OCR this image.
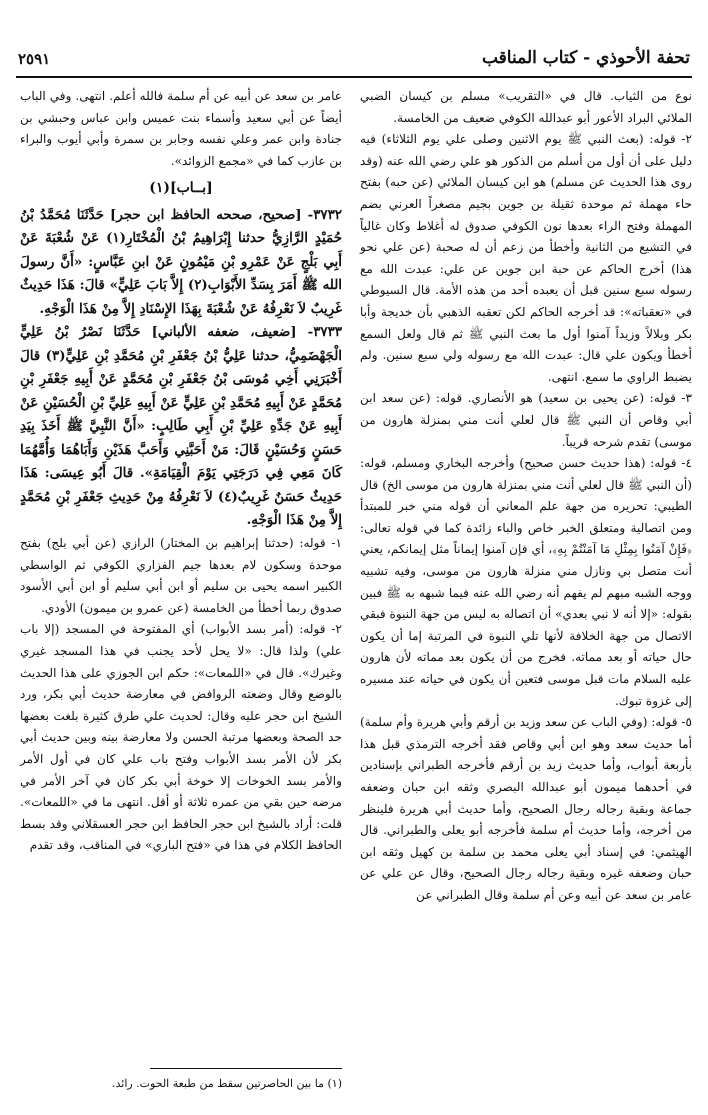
تحفة الأحوذي - كتاب المناقب
٢٥٩١

نوع من الثياب. قال في «التقريب» مسلم بن كيسان الضبي الملائي البراد الأعور أبو عبدالله الكوفي ضعيف من الخامسة.

٢- قوله: (بعث النبي ﷺ يوم الاثنين وصلى علي يوم الثلاثاء) فيه دليل على أن أول من أسلم من الذكور هو علي رضي الله عنه (وقد روى هذا الحديث عن مسلم) هو ابن كيسان الملائي (عن حبه) بفتح حاء مهملة ثم موحدة ثقيلة بن جوين بجيم مصغراً العرني بضم المهملة وفتح الراء بعدها نون الكوفي صدوق له أغلاط وكان غالياً في التشيع من الثانية وأخطأ من زعم أن له صحبة (عن علي نحو هذا) أخرج الحاكم عن حبة ابن جوين عن علي: عبدت الله مع رسوله سبع سنين قبل أن يعبده أحد من هذه الأمة. قال السيوطي في «تعقباته»: قد أخرجه الحاكم لكن تعقبه الذهبي بأن خديجة وأبا بكر وبلالاً وزيداً آمنوا أول ما بعث النبي ﷺ ثم قال ولعل السمع أخطأ ويكون علي قال: عبدت الله مع رسوله ولي سبع سنين. ولم يضبط الراوي ما سمع. انتهى.

٣- قوله: (عن يحيى بن سعيد) هو الأنصاري. قوله: (عن سعد ابن أبي وقاص أن النبي ﷺ قال لعلي أنت مني بمنزلة هارون من موسى) تقدم شرحه قريباً.

٤- قوله: (هذا حديث حسن صحيح) وأخرجه البخاري ومسلم، قوله: (أن النبي ﷺ قال لعلي أنت مني بمنزلة هارون من موسى الخ) قال الطيبي: تحريره من جهة علم المعاني أن قوله مني خبر للمبتدأ ومن اتصالية ومتعلق الخبر خاص والباء زائدة كما في قوله تعالى: ﴿فَإِنْ آمَنُوا بِمِثْلِ مَا آمَنْتُمْ بِهِ﴾، أي فإن آمنوا إيماناً مثل إيمانكم، يعني أنت متصل بي ونازل مني منزلة هارون من موسى، وفيه تشبيه ووجه الشبه مبهم لم يفهم أنه رضي الله عنه فيما شبهه به ﷺ فبين بقوله: «إلا أنه لا نبي بعدي» أن اتصاله به ليس من جهة النبوة فبقي الاتصال من جهة الخلافة لأنها تلي النبوة في المرتبة إما أن يكون حال حياته أو بعد مماته. فخرج من أن يكون بعد مماته لأن هارون عليه السلام مات قبل موسى فتعين أن يكون في حياته عند مسيره إلى غزوة تبوك.

٥- قوله: (وفي الباب عن سعد وزيد بن أرقم وأبي هريرة وأم سلمة) أما حديث سعد وهو ابن أبي وقاص فقد أخرجه الترمذي قبل هذا بأربعة أبواب، وأما حديث زيد بن أرقم فأخرجه الطبراني بإسنادين في أحدهما ميمون أبو عبدالله البصري وثقه ابن حبان وضعفه جماعة وبقية رجاله رجال الصحيح، وأما حديث أبي هريرة فلينظر من أخرجه، وأما حديث أم سلمة فأخرجه أبو يعلى والطبراني. قال الهيثمي: في إسناد أبي يعلى محمد بن سلمة بن كهيل وثقه ابن حبان وضعفه غيره وبقية رجاله رجال الصحيح، وقال عن علي عن عامر بن سعد عن أبيه وعن أم سلمة وقال الطبراني عن

عامر بن سعد عن أبيه عن أم سلمة فالله أعلم. انتهى. وفي الباب أيضاً عن أبي سعيد وأسماء بنت عميس وابن عباس وحبشي بن جنادة وابن عمر وعلي نفسه وجابر بن سمرة وأبي أيوب والبراء بن عازب كما في «مجمع الزوائد».

[بــاب](١)

٣٧٣٢- [صحيح، صححه الحافظ ابن حجر] حَدَّثَنَا مُحَمَّدُ بْنُ حُمَيْدٍ الرَّازِيُّ حدثنا إِبْرَاهِيمُ بْنُ الْمُخْتَارِ(١) عَنْ شُعْبَةَ عَنْ أَبِي بَلْجٍ عَنْ عَمْرِو بْنِ مَيْمُونٍ عَنْ ابنِ عَبَّاسٍ: «أَنَّ رسولَ الله ﷺ أَمَرَ بِسَدِّ الأَبْوَابِ(٢) إِلاَّ بَابَ عَلِيٍّ» قالَ: هَذَا حَدِيثٌ غَرِيبٌ لاَ نَعْرِفُهُ عَنْ شُعْبَةَ بِهَذَا الإِسْنَادِ إِلاَّ مِنْ هَذَا الْوَجْهِ.

٣٧٣٣- [ضعيف، ضعفه الألباني] حَدَّثَنَا نَصْرُ بْنُ عَلِيٍّ الْجَهْضَمِيُّ، حدثنا عَلِيُّ بْنُ جَعْفَرِ بْنِ مُحَمَّدِ بْنِ عَلِيٍّ(٣) قالَ أَخْبَرَنِي أَخِي مُوسَى بْنُ جَعْفَرِ بْنِ مُحَمَّدٍ عَنْ أَبِيهِ جَعْفَرِ بْنِ مُحَمَّدٍ عَنْ أَبِيهِ مُحَمَّدِ بْنِ عَلِيٍّ عَنْ أَبِيهِ عَلِيِّ بْنِ الْحُسَيْنِ عَنْ أَبِيهِ عَنْ جَدِّهِ عَلِيِّ بْنِ أَبِي طَالِبٍ: «أَنَّ النَّبِيَّ ﷺ أَخَذَ بِيَدِ حَسَنٍ وَحُسَيْنٍ قَالَ: مَنْ أَحَبَّنِي وَأَحَبَّ هَذَيْنِ وَأَبَاهُمَا وَأُمَّهُمَا كَانَ مَعِي فِي دَرَجَتِي يَوْمَ الْقِيَامَةِ». قالَ أَبُو عِيسَى: هَذَا حَدِيثٌ حَسَنٌ غَرِيبٌ(٤) لاَ نَعْرِفُهُ مِنْ حَدِيثِ جَعْفَرِ بْنِ مُحَمَّدٍ إِلاَّ مِنْ هَذَا الْوَجْهِ.

١- قوله: (حدثنا إبراهيم بن المختار) الرازي (عن أبي بلج) بفتح موحدة وسكون لام بعدها جيم الفزاري الكوفي ثم الواسطي الكبير اسمه يحيى بن سليم أو ابن أبي سليم أو ابن أبي الأسود صدوق ربما أخطأ من الخامسة (عن عمرو بن ميمون) الأودي.

٢- قوله: (أمر بسد الأبواب) أي المفتوحة في المسجد (إلا باب علي) ولذا قال: «لا يحل لأحد يجنب في هذا المسجد غيري وغيرك». قال في «اللمعات»: حكم ابن الجوزي على هذا الحديث بالوضع وقال وضعته الروافض في معارضة حديث أبي بكر، ورد الشيخ ابن حجر عليه وقال: لحديث علي طرق كثيرة بلغت بعضها حد الصحة وبعضها مرتبة الحسن ولا معارضة بينه وبين حديث أبي بكر لأن الأمر بسد الأبواب وفتح باب علي كان في أول الأمر والأمر بسد الخوخات إلا خوخة أبي بكر كان في آخر الأمر في مرضه حين بقي من عمره ثلاثة أو أقل. انتهى ما في «اللمعات». قلت: أراد بالشيخ ابن حجر الحافظ ابن حجر العسقلاني وقد بسط الحافظ الكلام في هذا في «فتح الباري» في المناقب، وقد تقدم

(١) ما بين الحاصرتين سقط من طبعة الحوت. رائد.
